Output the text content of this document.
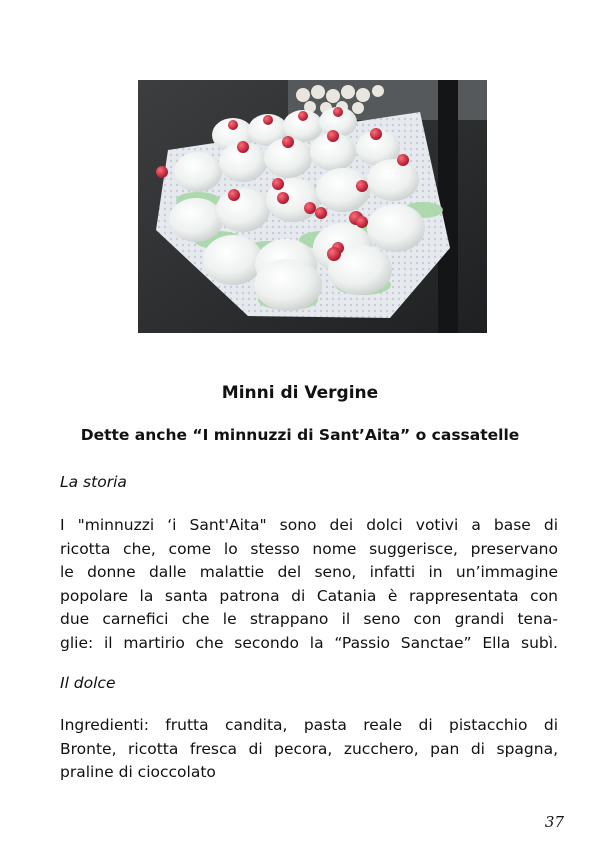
Minni di Vergine
Dette anche “I minnuzzi di Sant’Aita” o cassatelle

La storia

I "minnuzzi ‘i Sant'Aita" sono dei dolci votivi a base di
ricotta che, come lo stesso nome suggerisce, preservano
le donne dalle malattie del seno, infatti in un’immagine
popolare la santa patrona di Catania è rappresentata con
due carnefici che le strappano il seno con grandi tena-
glie: il martirio che secondo la “Passio Sanctae” Ella subì.

Il dolce

Ingredienti: frutta candita, pasta reale di pistacchio di
Bronte, ricotta fresca di pecora, zucchero, pan di spagna,
praline di cioccolato

37
